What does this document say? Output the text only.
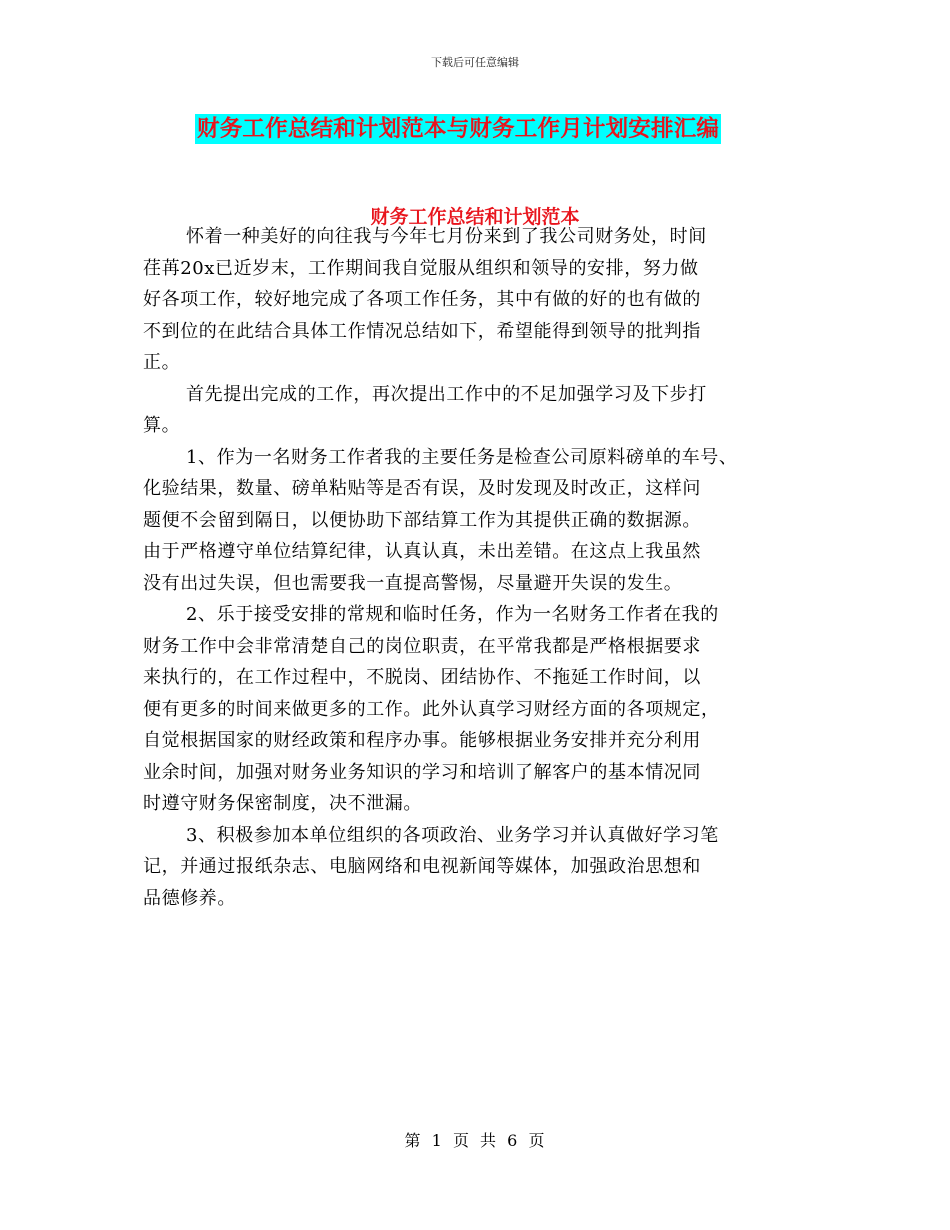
下载后可任意编辑
财务工作总结和计划范本与财务工作月计划安排汇编
财务工作总结和计划范本
怀着一种美好的向往我与今年七月份来到了我公司财务处，时间
荏苒20x已近岁末，工作期间我自觉服从组织和领导的安排，努力做
好各项工作，较好地完成了各项工作任务，其中有做的好的也有做的
不到位的在此结合具体工作情况总结如下，希望能得到领导的批判指
正。
首先提出完成的工作，再次提出工作中的不足加强学习及下步打
算。
1、作为一名财务工作者我的主要任务是检查公司原料磅单的车号、
化验结果，数量、磅单粘贴等是否有误，及时发现及时改正，这样问
题便不会留到隔日，以便协助下部结算工作为其提供正确的数据源。
由于严格遵守单位结算纪律，认真认真，未出差错。在这点上我虽然
没有出过失误，但也需要我一直提高警惕，尽量避开失误的发生。
2、乐于接受安排的常规和临时任务，作为一名财务工作者在我的
财务工作中会非常清楚自己的岗位职责，在平常我都是严格根据要求
来执行的，在工作过程中，不脱岗、团结协作、不拖延工作时间，以
便有更多的时间来做更多的工作。此外认真学习财经方面的各项规定，
自觉根据国家的财经政策和程序办事。能够根据业务安排并充分利用
业余时间，加强对财务业务知识的学习和培训了解客户的基本情况同
时遵守财务保密制度，决不泄漏。
3、积极参加本单位组织的各项政治、业务学习并认真做好学习笔
记，并通过报纸杂志、电脑网络和电视新闻等媒体，加强政治思想和
品德修养。
第 1 页 共 6 页
